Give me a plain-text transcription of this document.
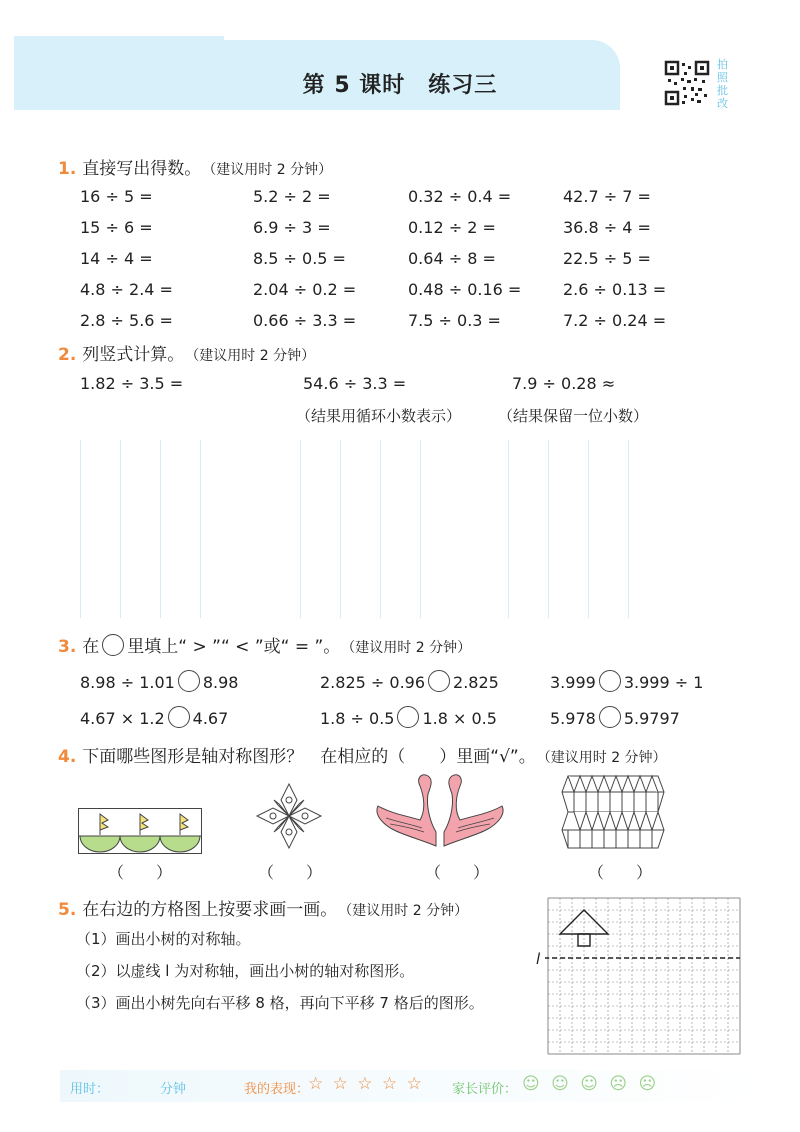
第 5 课时　练习三
拍照批改
1. 直接写出得数。 （建议用时 2 分钟）
16 ÷ 5 =	5.2 ÷ 2 =	0.32 ÷ 0.4 =	42.7 ÷ 7 =
15 ÷ 6 =	6.9 ÷ 3 =	0.12 ÷ 2 =	36.8 ÷ 4 =
14 ÷ 4 =	8.5 ÷ 0.5 =	0.64 ÷ 8 =	22.5 ÷ 5 =
4.8 ÷ 2.4 =	2.04 ÷ 0.2 =	0.48 ÷ 0.16 =	2.6 ÷ 0.13 =
2.8 ÷ 5.6 =	0.66 ÷ 3.3 =	7.5 ÷ 0.3 =	7.2 ÷ 0.24 =
2. 列竖式计算。 （建议用时 2 分钟）
1.82 ÷ 3.5 =	54.6 ÷ 3.3 =	7.9 ÷ 0.28 ≈
（结果用循环小数表示） （结果保留一位小数）
3. 在 里填上“ > ”“ < ”或“ = ”。 （建议用时 2 分钟）
8.98 ÷ 1.01 8.98	2.825 ÷ 0.96 2.825	3.999 3.999 ÷ 1
4.67 × 1.2 4.67	1.8 ÷ 0.5 1.8 × 0.5	5.978 5.9797
4. 下面哪些图形是轴对称图形？　在相应的（　　）里画“√”。 （建议用时 2 分钟）
（　　）	（　　）	（　　）	（　　）
5. 在右边的方格图上按要求画一画。 （建议用时 2 分钟）
（1）画出小树的对称轴。
（2）以虚线 l 为对称轴，画出小树的轴对称图形。
（3）画出小树先向右平移 8 格，再向下平移 7 格后的图形。
l
用时：	分钟	我的表现：
☆ ☆ ☆ ☆ ☆ 家长评价： ☺ ☺ ☺ ☹ ☹
